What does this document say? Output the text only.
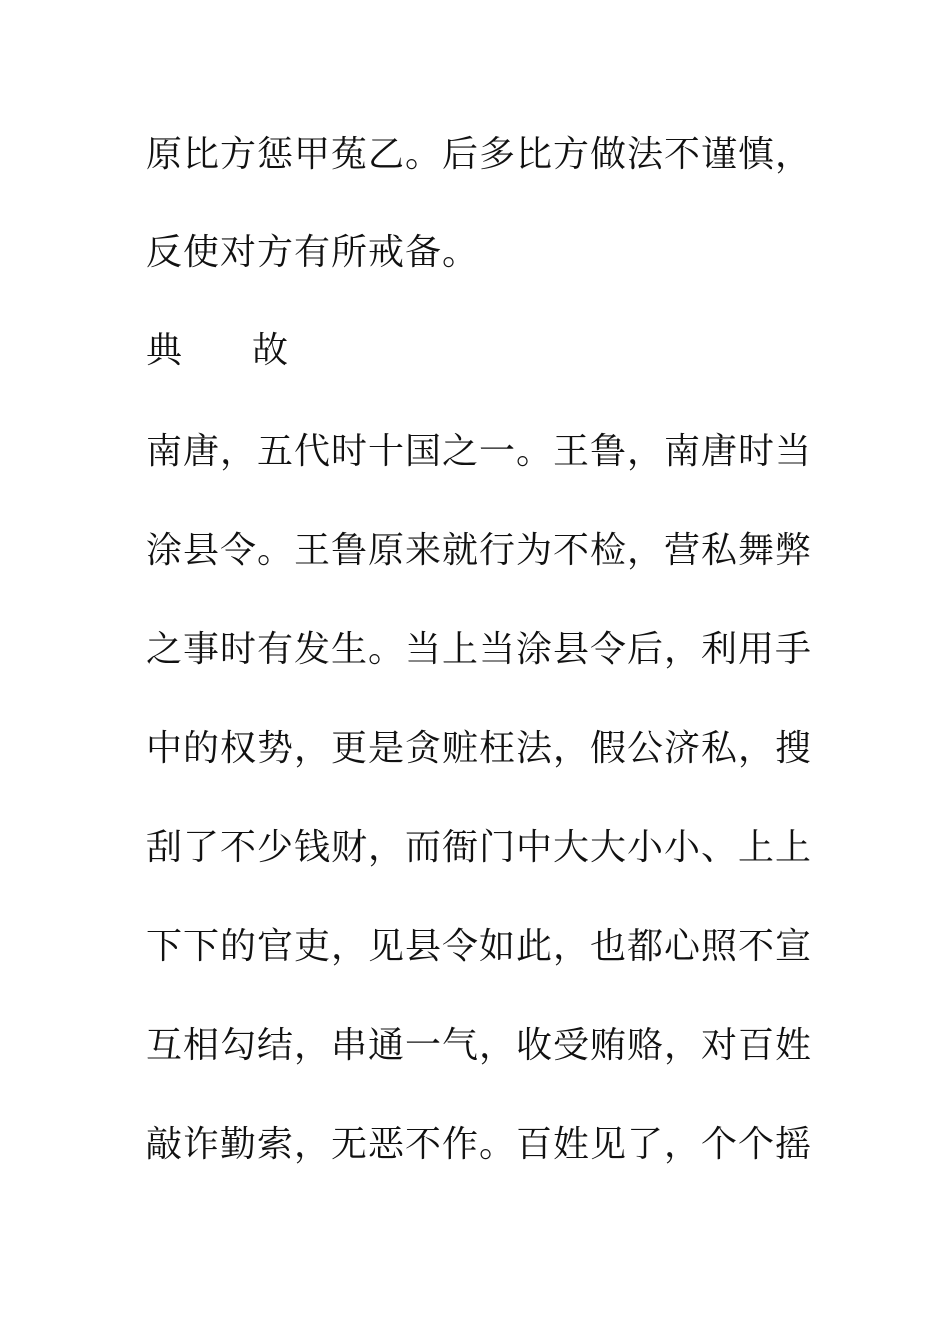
原比方惩甲菟乙。后多比方做法不谨慎，
反使对方有所戒备。
典 故
南唐，五代时十国之一。王鲁，南唐时当
涂县令。王鲁原来就行为不检，营私舞弊
之事时有发生。当上当涂县令后，利用手
中的权势，更是贪赃枉法，假公济私，搜
刮了不少钱财，而衙门中大大小小、上上
下下的官吏，见县令如此，也都心照不宣
互相勾结，串通一气，收受贿赂，对百姓
敲诈勤索，无恶不作。百姓见了，个个摇
